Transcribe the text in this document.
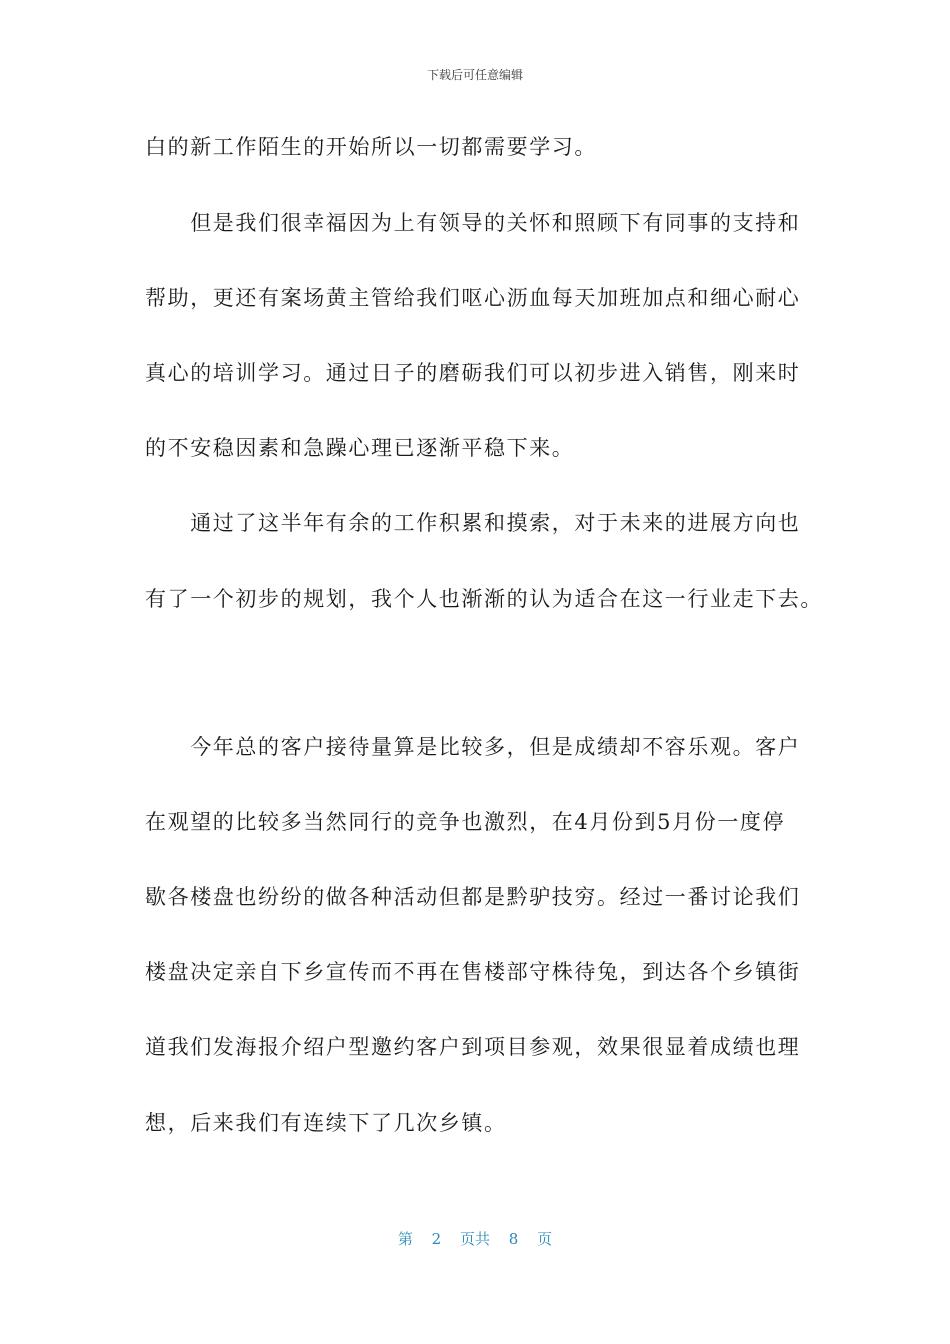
下载后可任意编辑
白的新工作陌生的开始所以一切都需要学习。
　　但是我们很幸福因为上有领导的关怀和照顾下有同事的支持和
帮助，更还有案场黄主管给我们呕心沥血每天加班加点和细心耐心
真心的培训学习。通过日子的磨砺我们可以初步进入销售，刚来时
的不安稳因素和急躁心理已逐渐平稳下来。
　　通过了这半年有余的工作积累和摸索，对于未来的进展方向也
有了一个初步的规划，我个人也渐渐的认为适合在这一行业走下去。
　　今年总的客户接待量算是比较多，但是成绩却不容乐观。客户
在观望的比较多当然同行的竞争也激烈，在4月份到5月份一度停
歇各楼盘也纷纷的做各种活动但都是黔驴技穷。经过一番讨论我们
楼盘决定亲自下乡宣传而不再在售楼部守株待兔，到达各个乡镇街
道我们发海报介绍户型邀约客户到项目参观，效果很显着成绩也理
想，后来我们有连续下了几次乡镇。
第 2 页共 8 页
